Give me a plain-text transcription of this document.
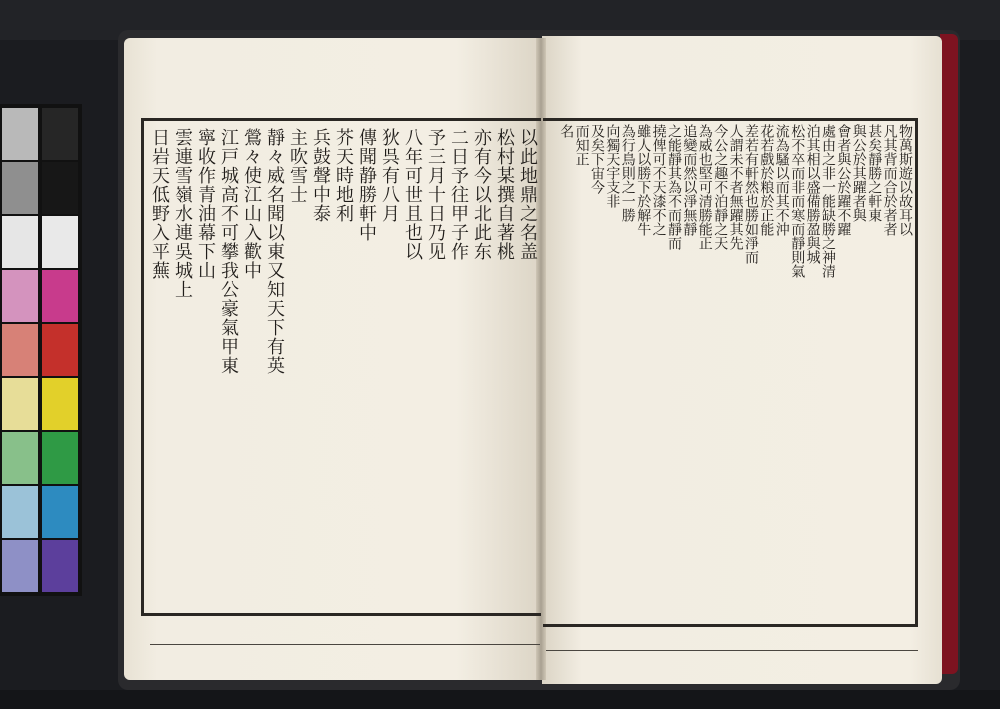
以此地鼎之名盖
松村某撰自著桃
亦有今以北此东
二日予往甲子作
予三月十日乃见
八年可世且也以
狄呉有八月
傳聞静勝軒中
芥天時地利
兵鼓聲中泰
主吹雪士
靜々威名聞以東又知天下有英
鶯々使江山入歡中
江戸城高不可攀我公豪氣甲東
寧收作青油幕下山
雲連雪嶺水連吳城上
日岩天低野入平蕪	物萬斯遊以故耳以
凡其背而合於者者
甚矣靜勝之軒東
與公於其躍者與
會者與公於躍不躍
處由之非一能缺勝之神清
泊其相以盛備勝盈與城
松不卒而非而寒而靜則氣
流為騷以而其不沖
花若戲於粮於正能
差若有軒然也勝如淨而
人謂未不者無躍其先
今公之趣不泊靜之天
為威也堅可清勝能正
追變而然以淨無靜
之能靜其為不而靜而
撓俾可不天漆不之
雖人以勝下於解牛
為行鳥則之一勝
向獨天宇支非
及矣下宙今
而知正
名
